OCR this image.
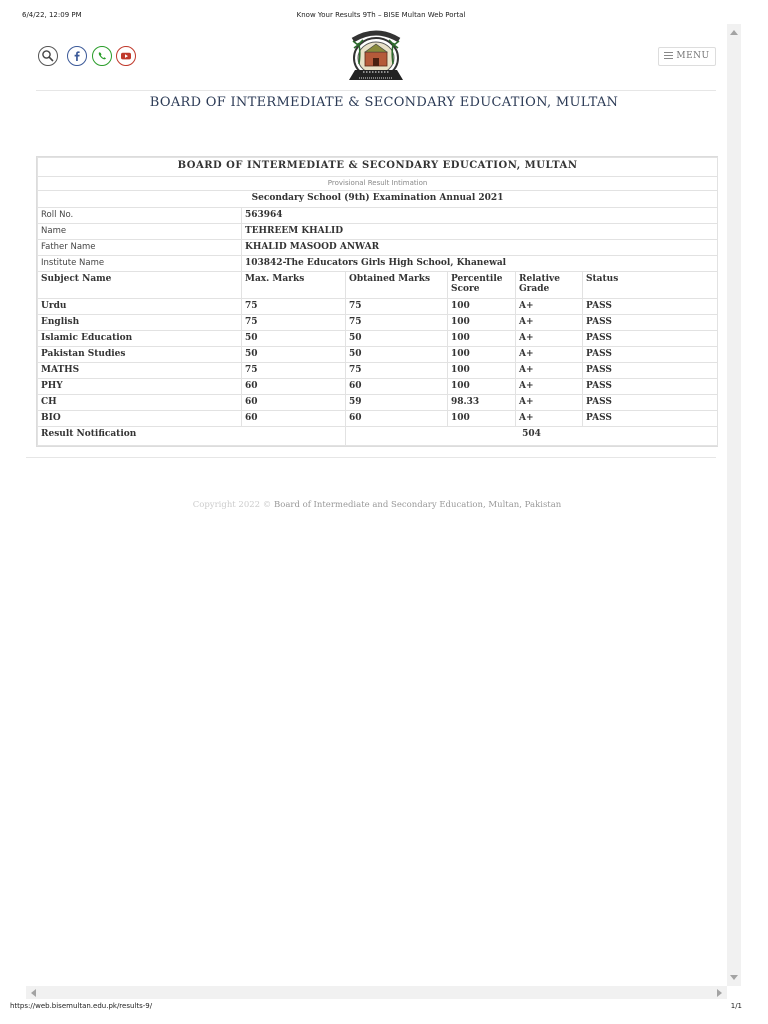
6/4/22, 12:09 PM	Know Your Results 9Th – BISE Multan Web Portal
MENU
BOARD OF INTERMEDIATE & SECONDARY EDUCATION, MULTAN
BOARD OF INTERMEDIATE & SECONDARY EDUCATION, MULTAN					
Provisional Result Intimation					
Secondary School (9th) Examination Annual 2021					
Roll No.	563964				
Name	TEHREEM KHALID				
Father Name	KHALID MASOOD ANWAR				
Institute Name	103842-The Educators Girls High School, Khanewal				
Subject Name	Max. Marks	Obtained Marks	Percentile Score	Relative Grade	Status
Urdu	75	75	100	A+	PASS
English	75	75	100	A+	PASS
Islamic Education	50	50	100	A+	PASS
Pakistan Studies	50	50	100	A+	PASS
MATHS	75	75	100	A+	PASS
PHY	60	60	100	A+	PASS
CH	60	59	98.33	A+	PASS
BIO	60	60	100	A+	PASS
Result Notification		504			
Copyright 2022 © Board of Intermediate and Secondary Education, Multan, Pakistan
https://web.bisemultan.edu.pk/results-9/	1/1
